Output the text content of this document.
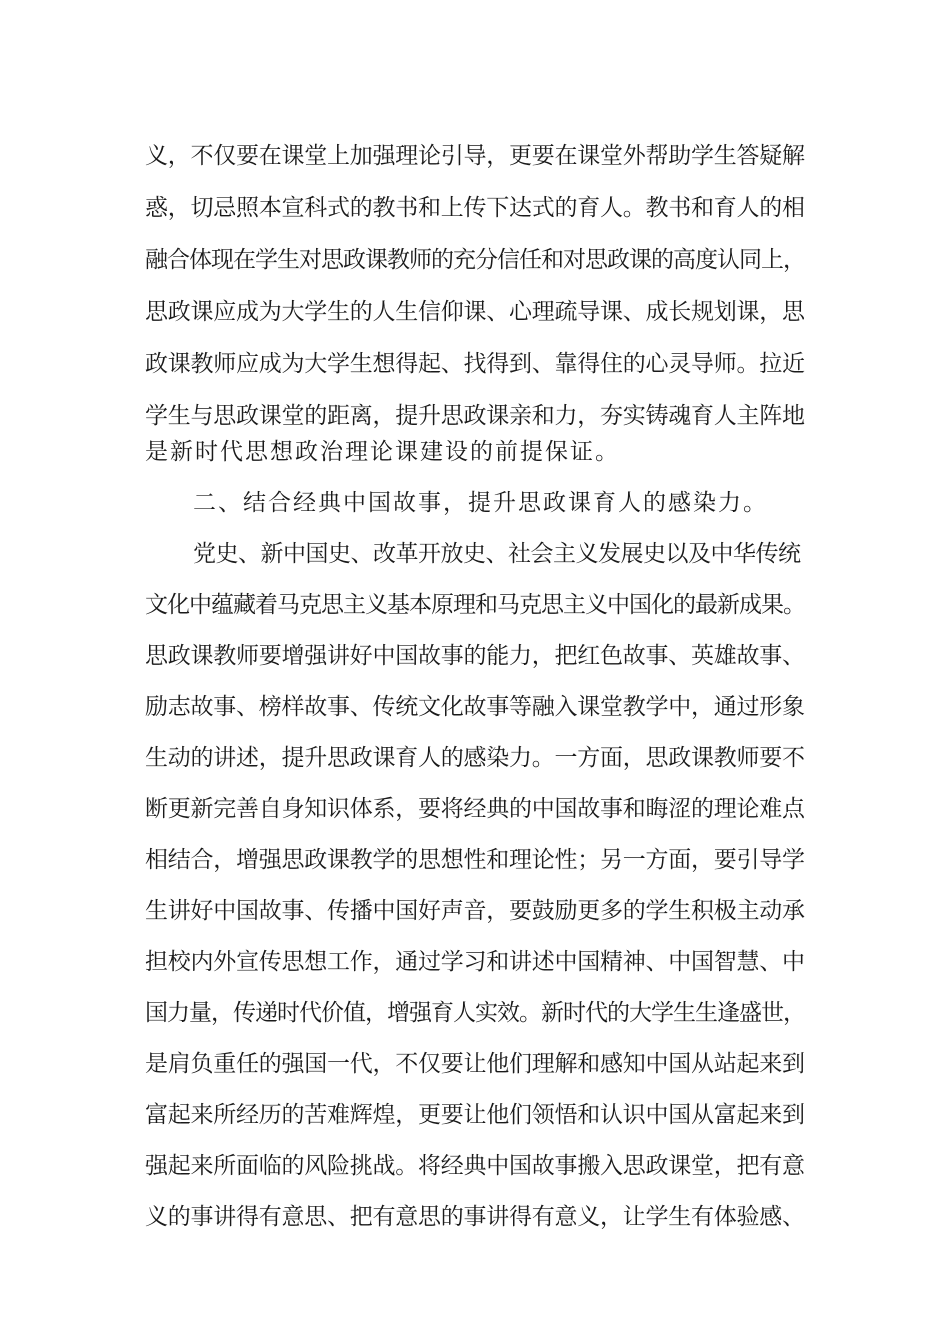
义，不仅要在课堂上加强理论引导，更要在课堂外帮助学生答疑解

惑，切忌照本宣科式的教书和上传下达式的育人。教书和育人的相

融合体现在学生对思政课教师的充分信任和对思政课的高度认同上，

思政课应成为大学生的人生信仰课、心理疏导课、成长规划课，思

政课教师应成为大学生想得起、找得到、靠得住的心灵导师。拉近

学生与思政课堂的距离，提升思政课亲和力，夯实铸魂育人主阵地

是新时代思想政治理论课建设的前提保证。

二、结合经典中国故事，提升思政课育人的感染力。

党史、新中国史、改革开放史、社会主义发展史以及中华传统

文化中蕴藏着马克思主义基本原理和马克思主义中国化的最新成果。

思政课教师要增强讲好中国故事的能力，把红色故事、英雄故事、

励志故事、榜样故事、传统文化故事等融入课堂教学中，通过形象

生动的讲述，提升思政课育人的感染力。一方面，思政课教师要不

断更新完善自身知识体系，要将经典的中国故事和晦涩的理论难点

相结合，增强思政课教学的思想性和理论性；另一方面，要引导学

生讲好中国故事、传播中国好声音，要鼓励更多的学生积极主动承

担校内外宣传思想工作，通过学习和讲述中国精神、中国智慧、中

国力量，传递时代价值，增强育人实效。新时代的大学生生逢盛世，

是肩负重任的强国一代，不仅要让他们理解和感知中国从站起来到

富起来所经历的苦难辉煌，更要让他们领悟和认识中国从富起来到

强起来所面临的风险挑战。将经典中国故事搬入思政课堂，把有意

义的事讲得有意思、把有意思的事讲得有意义，让学生有体验感、
